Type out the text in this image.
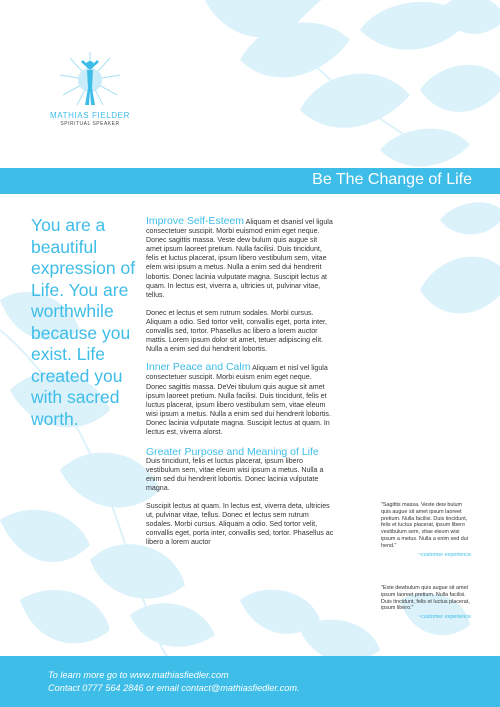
MATHIAS FIELDER
SPIRITUAL SPEAKER
Be The Change of Life
You are a beautiful expression of Life. You are worthwhile because you exist. Life created you with sacred worth.

Improve Self-Esteem Aliquam et dsanisl vel ligula consectetuer suscipit. Morbi euismod enim eget neque. Donec sagittis massa. Veste dew bulum quis augue sit amet ipsum laoreet pretium. Nulla facilisi. Duis tincidunt, felis et luctus placerat, ipsum libero vestibulum sem, vitae elem wisi ipsum a metus. Nulla a enim sed dui hendrerit lobortis. Donec lacinia vulputate magna. Suscipit lectus at quam. In lectus est, viverra a, ultricies ut, pulvinar vitae, tellus.

Donec et lectus et sem rutrum sodales. Morbi cursus. Aliquam a odio. Sed tortor velit, convallis eget, porta inter, convallis sed, tortor. Phasellus ac libero a lorem auctor mattis. Lorem ipsum dolor sit amet, tetuer adipiscing elit. Nulla a enim sed dui hendrerit lobortis.

Inner Peace and Calm Aliquam et nisl vel ligula consectetuer suscipit. Morbi euism enim eget neque. Donec sagittis massa. DeVei tibulum quis augue sit amet ipsum laoreet pretium. Nulla facilisi. Duis tincidunt, felis et luctus placerat, ipsum libero vestibulum sem, vitae eleum wisi ipsum a metus. Nulla a enim sed dui hendrerit lobortis. Donec lacinia vulputate magna. Suscipit lectus at quam. In lectus est, viverra alorst.

Greater Purpose and Meaning of Life
Duis tincidunt, felis et luctus placerat, ipsum libero vestibulum sem, vitae eleum wisi ipsum a metus. Nulla a enim sed dui hendrerit lobortis. Donec lacinia vulputate magna.

Suscipit lectus at quam. In lectus est, viverra deta, ultricies ut, pulvinar vitae, tellus. Donec et lectus sem rutrum sodales. Morbi cursus. Aliquam a odio. Sed tortor velit, convallis eget, porta inter, convallis sed, tortor. Phasellus ac libero a lorem auctor

"Sagittis massa. Veste dew bulum quis augue sit amet ipsum laoreet pretium. Nulla facilisi. Duis tincidunt, felis et luctus placerat, ipsum libero vestibulum sem, vitae eleum wisi ipsum a metus. Nulla a enim sed dui hend."
~customer experience
"Este dewbulum quis augue sit amet ipsum laoreet pretium. Nulla facilisi. Duis tincidunt, felis et luctus placerat, ipsum libero."
~customer experience
To learn more go to www.mathiasfiedler.com
Contact 0777 564 2846 or email contact@mathiasfiedler.com.
